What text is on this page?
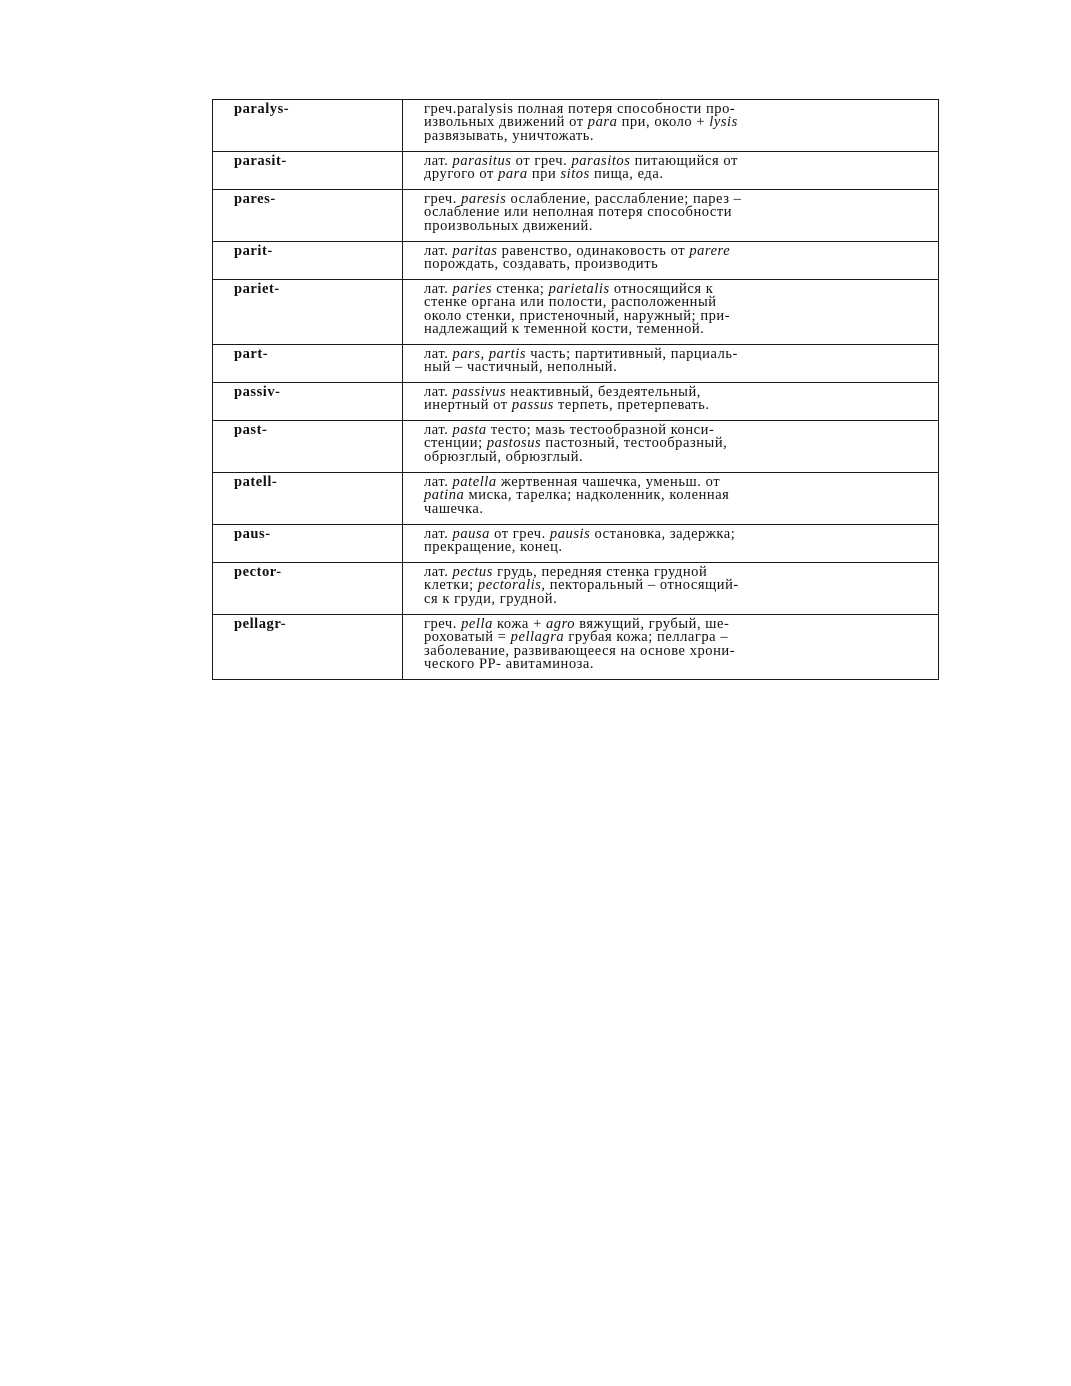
paralys-	греч.paralysis полная потеря способности про-
извольных движений от para при, около + lysis
развязывать, уничтожать.

parasit-	лат. parasitus от греч. parasitos питающийся от
другого от para при sitos пища, еда.

pares-	греч. paresis ослабление, расслабление; парез –
ослабление или неполная потеря способности
произвольных движений.

parit-	лат. paritas равенство, одинаковость от parere
порождать, создавать, производить

pariet-	лат. paries стенка; parietalis относящийся к
стенке органа или полости, расположенный
около стенки, пристеночный, наружный; при-
надлежащий к теменной кости, теменной.

part-	лат. pars, partis часть; партитивный, парциаль-
ный – частичный, неполный.

passiv-	лат. passivus неактивный, бездеятельный,
инертный от passus терпеть, претерпевать.

past-	лат. pasta тесто; мазь тестообразной конси-
стенции; pastosus пастозный, тестообразный,
обрюзглый, обрюзглый.

patell-	лат. patella жертвенная чашечка, уменьш. от
patina миска, тарелка; надколенник, коленная
чашечка.

paus-	лат. pausa от греч. pausis остановка, задержка;
прекращение, конец.

pector-	лат. pectus грудь, передняя стенка грудной
клетки; pectoralis, пекторальный – относящий-
ся к груди, грудной.

pellagr-	греч. pella кожа + agro вяжущий, грубый, ше-
роховатый = pellagra грубая кожа; пеллагра –
заболевание, развивающееся на основе хрони-
ческого РР- авитаминоза.
